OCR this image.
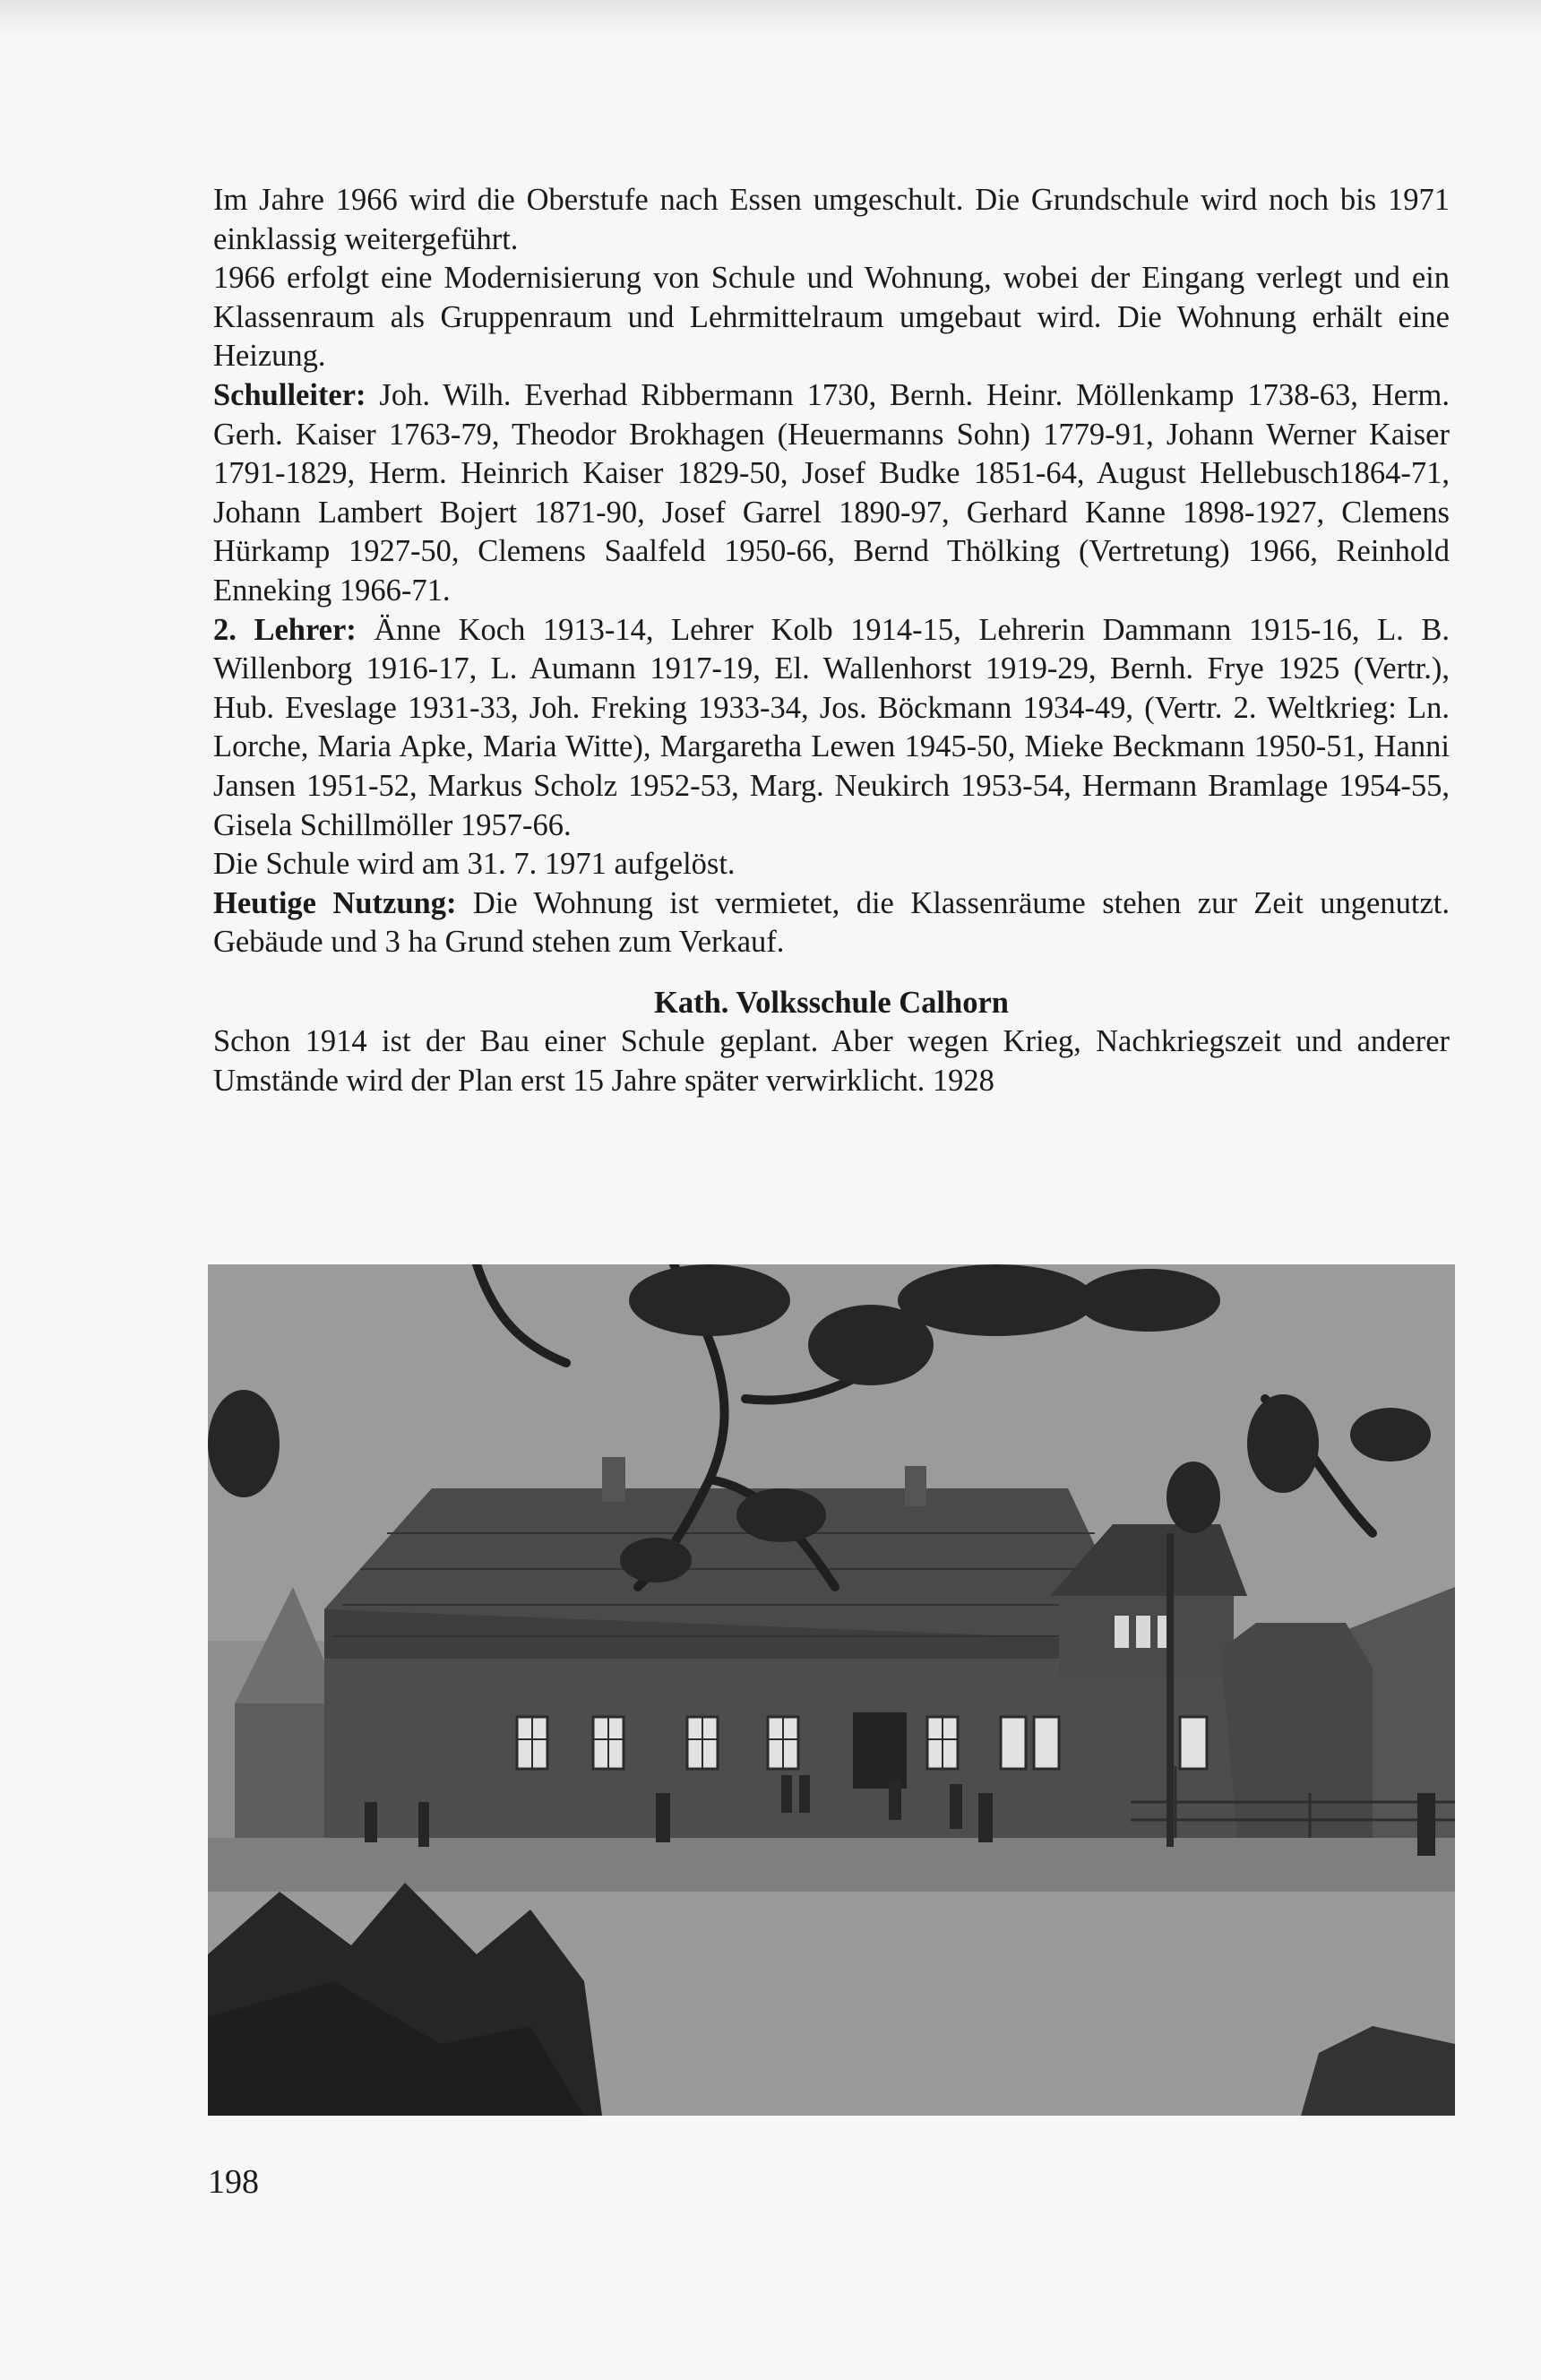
Im Jahre 1966 wird die Oberstufe nach Essen umgeschult. Die Grundschule wird noch bis 1971 einklassig weitergeführt.

1966 erfolgt eine Modernisierung von Schule und Wohnung, wobei der Eingang verlegt und ein Klassenraum als Gruppenraum und Lehrmittelraum umgebaut wird. Die Wohnung erhält eine Heizung.

Schulleiter: Joh. Wilh. Everhad Ribbermann 1730, Bernh. Heinr. Möllenkamp 1738-63, Herm. Gerh. Kaiser 1763-79, Theodor Brokhagen (Heuermanns Sohn) 1779-91, Johann Werner Kaiser 1791-1829, Herm. Heinrich Kaiser 1829-50, Josef Budke 1851-64, August Hellebusch1864-71, Johann Lambert Bojert 1871-90, Josef Garrel 1890-97, Gerhard Kanne 1898-1927, Clemens Hürkamp 1927-50, Clemens Saalfeld 1950-66, Bernd Thölking (Vertretung) 1966, Reinhold Enneking 1966-71.

2. Lehrer: Änne Koch 1913-14, Lehrer Kolb 1914-15, Lehrerin Dammann 1915-16, L. B. Willenborg 1916-17, L. Aumann 1917-19, El. Wallenhorst 1919-29, Bernh. Frye 1925 (Vertr.), Hub. Eveslage 1931-33, Joh. Freking 1933-34, Jos. Böckmann 1934-49, (Vertr. 2. Weltkrieg: Ln. Lorche, Maria Apke, Maria Witte), Margaretha Lewen 1945-50, Mieke Beckmann 1950-51, Hanni Jansen 1951-52, Markus Scholz 1952-53, Marg. Neukirch 1953-54, Hermann Bramlage 1954-55, Gisela Schillmöller 1957-66.

Die Schule wird am 31. 7. 1971 aufgelöst.

Heutige Nutzung: Die Wohnung ist vermietet, die Klassenräume stehen zur Zeit ungenutzt. Gebäude und 3 ha Grund stehen zum Verkauf.

Kath. Volksschule Calhorn

Schon 1914 ist der Bau einer Schule geplant. Aber wegen Krieg, Nachkriegszeit und anderer Umstände wird der Plan erst 15 Jahre später verwirklicht. 1928

198
